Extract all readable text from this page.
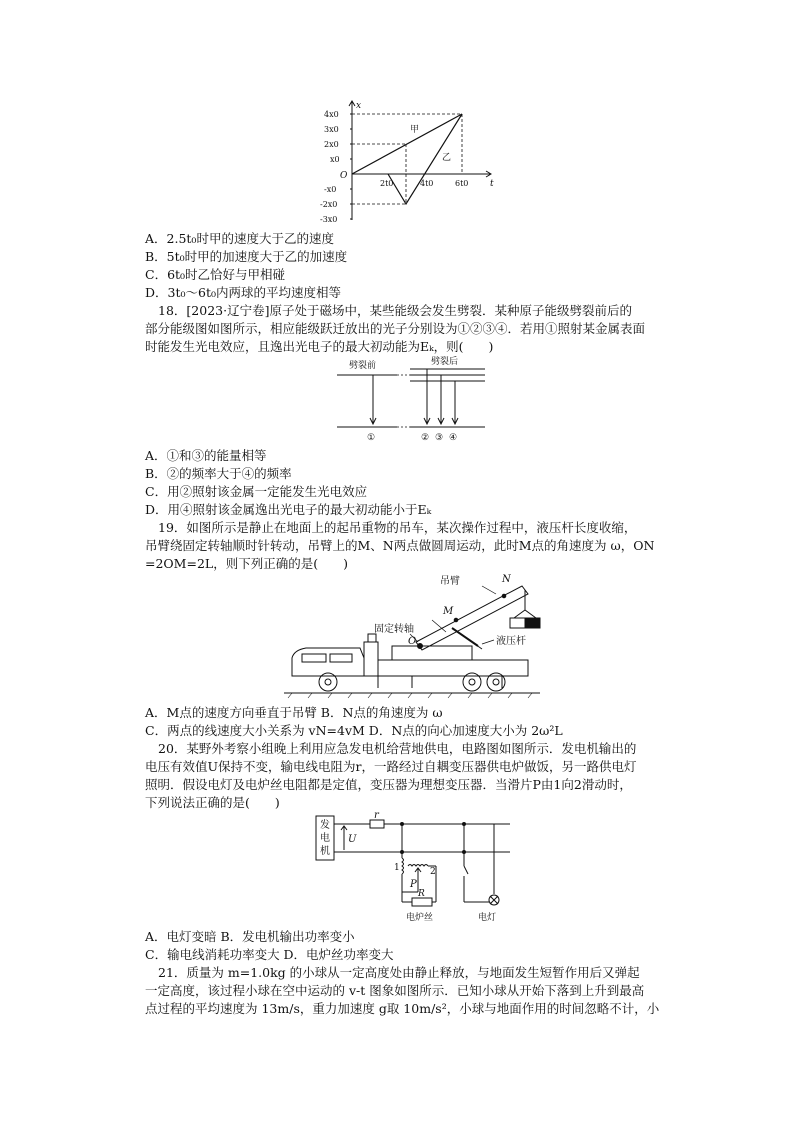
x
t
O
甲
乙
4x0
3x0
2x0
x0
-x0
-2x0
-3x0
2t0	4t0	6t0
A．2.5t₀时甲的速度大于乙的速度
B．5t₀时甲的加速度大于乙的加速度
C．6t₀时乙恰好与甲相碰
D．3t₀～6t₀内两球的平均速度相等
18．[2023·辽宁卷]原子处于磁场中，某些能级会发生劈裂．某种原子能级劈裂前后的
部分能级图如图所示，相应能级跃迁放出的光子分别设为①②③④．若用①照射某金属表面
时能发生光电效应，且逸出光电子的最大初动能为Eₖ，则(　　)
劈裂前	劈裂后
①	② ③ ④
A．①和③的能量相等
B．②的频率大于④的频率
C．用②照射该金属一定能发生光电效应
D．用④照射该金属逸出光电子的最大初动能小于Eₖ
19．如图所示是静止在地面上的起吊重物的吊车，某次操作过程中，液压杆长度收缩，
吊臂绕固定转轴顺时针转动，吊臂上的M、N两点做圆周运动，此时M点的角速度为 ω，ON
=2OM=2L，则下列正确的是(　　)
吊臂	N
M
固定转轴
O	液压杆
A．M点的速度方向垂直于吊臂 B．N点的角速度为 ω
C．两点的线速度大小关系为 vN=4vM D．N点的向心加速度大小为 2ω²L
20．某野外考察小组晚上利用应急发电机给营地供电，电路图如图所示．发电机输出的
电压有效值U保持不变，输电线电阻为r，一路经过自耦变压器供电炉做饭，另一路供电灯
照明．假设电灯及电炉丝电阻都是定值，变压器为理想变压器．当滑片P由1向2滑动时，
下列说法正确的是(　　)
发
电
机
U
r
1	2
P
R
电炉丝	电灯
A．电灯变暗 B．发电机输出功率变小
C．输电线消耗功率变大 D．电炉丝功率变大
21．质量为 m=1.0kg 的小球从一定高度处由静止释放，与地面发生短暂作用后又弹起
一定高度，该过程小球在空中运动的 v-t 图象如图所示．已知小球从开始下落到上升到最高
点过程的平均速度为 13m/s，重力加速度 g取 10m/s²，小球与地面作用的时间忽略不计，小
